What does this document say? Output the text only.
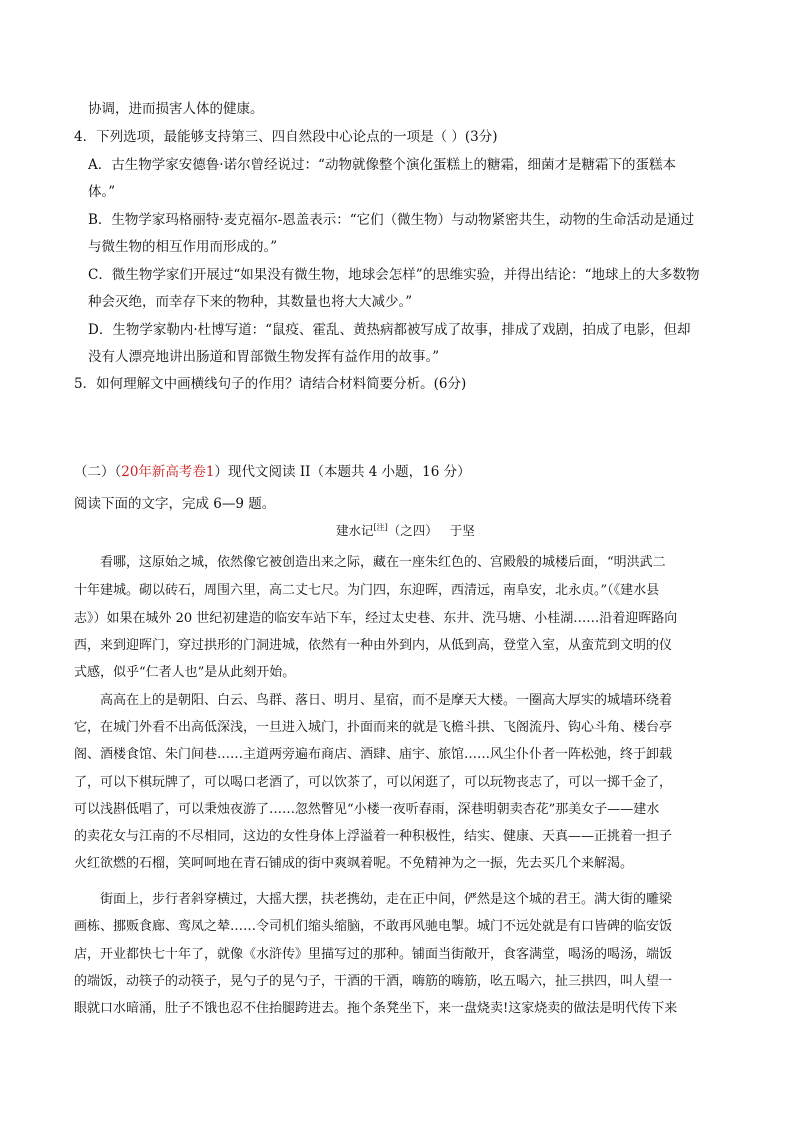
协调，进而损害人体的健康。
4．下列选项，最能够支持第三、四自然段中心论点的一项是（ ）(3分)
A．古生物学家安德鲁·诺尔曾经说过：“动物就像整个演化蛋糕上的糖霜，细菌才是糖霜下的蛋糕本
体。”
B．生物学家玛格丽特·麦克福尔-恩盖表示：“它们（微生物）与动物紧密共生，动物的生命活动是通过
与微生物的相互作用而形成的。”
C．微生物学家们开展过“如果没有微生物，地球会怎样”的思维实验，并得出结论：“地球上的大多数物
种会灭绝，而幸存下来的物种，其数量也将大大减少。”
D．生物学家勒内·杜博写道：“鼠疫、霍乱、黄热病都被写成了故事，排成了戏剧，拍成了电影，但却
没有人漂亮地讲出肠道和胃部微生物发挥有益作用的故事。”
5．如何理解文中画横线句子的作用？请结合材料简要分析。(6分)
（二）（20年新高考卷1）现代文阅读 II（本题共 4 小题，16 分）
阅读下面的文字，完成 6—9 题。
建水记[注]（之四） 于坚
看哪，这原始之城，依然像它被创造出来之际，藏在一座朱红色的、宫殿般的城楼后面，“明洪武二
十年建城。砌以砖石，周围六里，高二丈七尺。为门四，东迎晖，西清远，南阜安，北永贞。”（《建水县
志》）如果在城外 20 世纪初建造的临安车站下车，经过太史巷、东井、洗马塘、小桂湖……沿着迎晖路向
西，来到迎晖门，穿过拱形的门洞进城，依然有一种由外到内，从低到高，登堂入室，从蛮荒到文明的仪
式感，似乎“仁者人也”是从此刻开始。
高高在上的是朝阳、白云、鸟群、落日、明月、星宿，而不是摩天大楼。一圈高大厚实的城墙环绕着
它，在城门外看不出高低深浅，一旦进入城门，扑面而来的就是飞檐斗拱、飞阁流丹、钩心斗角、楼台亭
阁、酒楼食馆、朱门间巷……主道两旁遍布商店、酒肆、庙宇、旅馆……风尘仆仆者一阵松弛，终于卸载
了，可以下棋玩牌了，可以喝口老酒了，可以饮茶了，可以闲逛了，可以玩物丧志了，可以一掷千金了，
可以浅斟低唱了，可以秉烛夜游了……忽然瞥见“小楼一夜听春雨，深巷明朝卖杏花”那美女子——建水
的卖花女与江南的不尽相同，这边的女性身体上浮溢着一种积极性，结实、健康、天真——正挑着一担子
火红欲燃的石榴，笑呵呵地在青石铺成的街中爽飒着呢。不免精神为之一振，先去买几个来解渴。
街面上，步行者斜穿横过，大摇大摆，扶老携幼，走在正中间，俨然是这个城的君王。满大街的雕梁
画栋、挪贩食廊、鸾凤之辇……令司机们缩头缩脑，不敢再风驰电掣。城门不远处就是有口皆碑的临安饭
店，开业都快七十年了，就像《水浒传》里描写过的那种。铺面当街敞开，食客满堂，喝汤的喝汤，端饭
的端饭，动筷子的动筷子，晃勺子的晃勺子，干酒的干酒，嗨筋的嗨筋，吆五喝六，扯三拱四，叫人望一
眼就口水暗涌，肚子不饿也忍不住抬腿跨进去。拖个条凳坐下，来一盘烧卖!这家烧卖的做法是明代传下来
